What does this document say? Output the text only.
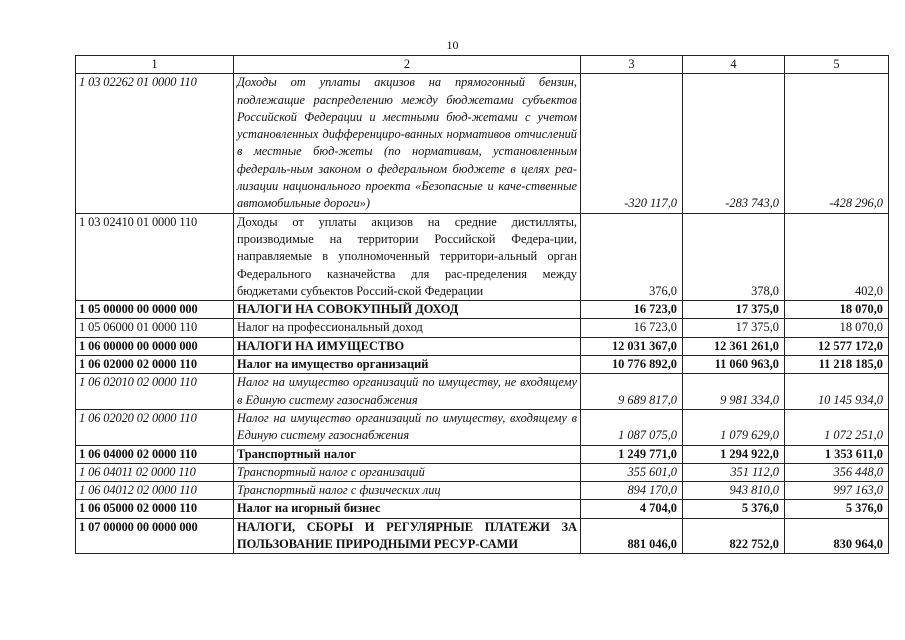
10
1	2	3	4	5
1 03 02262 01 0000 110	Доходы от уплаты акцизов на прямогонный бензин, подлежащие распределению между бюджетами субъектов Российской Федерации и местными бюд-жетами с учетом установленных дифференциро-ванных нормативов отчислений в местные бюд-жеты (по нормативам, установленным федераль-ным законом о федеральном бюджете в целях реа-лизации национального проекта «Безопасные и каче-ственные автомобильные дороги»)	-320 117,0	-283 743,0	-428 296,0
1 03 02410 01 0000 110	Доходы от уплаты акцизов на средние дистилляты, производимые на территории Российской Федера-ции, направляемые в уполномоченный территори-альный орган Федерального казначейства для рас-пределения между бюджетами субъектов Россий-ской Федерации	376,0	378,0	402,0
1 05 00000 00 0000 000	НАЛОГИ НА СОВОКУПНЫЙ ДОХОД	16 723,0	17 375,0	18 070,0
1 05 06000 01 0000 110	Налог на профессиональный доход	16 723,0	17 375,0	18 070,0
1 06 00000 00 0000 000	НАЛОГИ НА ИМУЩЕСТВО	12 031 367,0	12 361 261,0	12 577 172,0
1 06 02000 02 0000 110	Налог на имущество организаций	10 776 892,0	11 060 963,0	11 218 185,0
1 06 02010 02 0000 110	Налог на имущество организаций по имуществу, не входящему в Единую систему газоснабжения	9 689 817,0	9 981 334,0	10 145 934,0
1 06 02020 02 0000 110	Налог на имущество организаций по имуществу, входящему в Единую систему газоснабжения	1 087 075,0	1 079 629,0	1 072 251,0
1 06 04000 02 0000 110	Транспортный налог	1 249 771,0	1 294 922,0	1 353 611,0
1 06 04011 02 0000 110	Транспортный налог с организаций	355 601,0	351 112,0	356 448,0
1 06 04012 02 0000 110	Транспортный налог с физических лиц	894 170,0	943 810,0	997 163,0
1 06 05000 02 0000 110	Налог на игорный бизнес	4 704,0	5 376,0	5 376,0
1 07 00000 00 0000 000	НАЛОГИ, СБОРЫ И РЕГУЛЯРНЫЕ ПЛАТЕЖИ ЗА ПОЛЬЗОВАНИЕ ПРИРОДНЫМИ РЕСУР-САМИ	881 046,0	822 752,0	830 964,0
